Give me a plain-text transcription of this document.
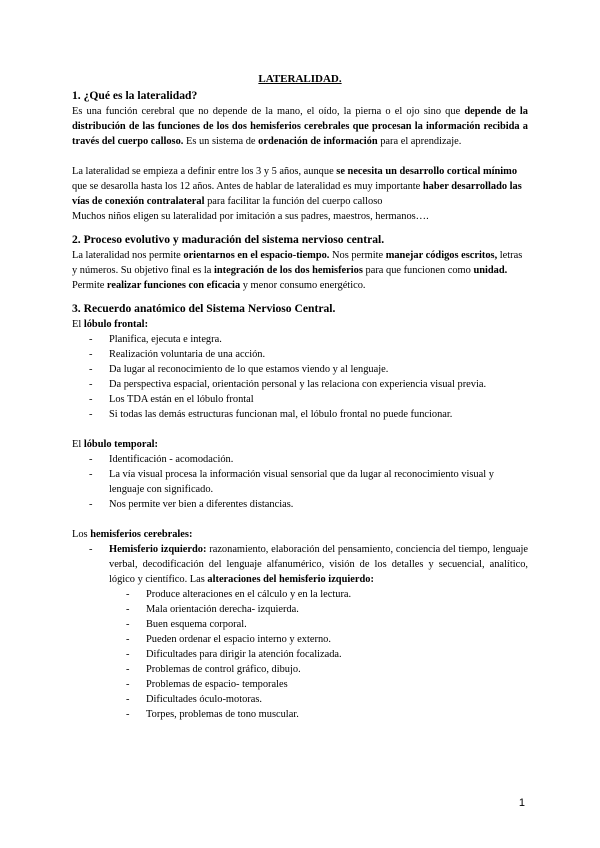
LATERALIDAD.
1. ¿Qué es la lateralidad?

Es una función cerebral que no depende de la mano, el oído, la pierna o el ojo sino que depende de la distribución de las funciones de los dos hemisferios cerebrales que procesan la información recibida a través del cuerpo calloso. Es un sistema de ordenación de información para el aprendizaje.

La lateralidad se empieza a definir entre los 3 y 5 años, aunque se necesita un desarrollo cortical mínimo que se desarolla hasta los 12 años. Antes de hablar de lateralidad es muy importante haber desarrollado las vías de conexión contralateral para facilitar la función del cuerpo calloso

Muchos niños eligen su lateralidad por imitación a sus padres, maestros, hermanos….

2. Proceso evolutivo y maduración del sistema nervioso central.

La lateralidad nos permite orientarnos en el espacio-tiempo. Nos permite manejar códigos escritos, letras y números. Su objetivo final es la integración de los dos hemisferios para que funcionen como unidad. Permite realizar funciones con eficacia y menor consumo energético.

3. Recuerdo anatómico del Sistema Nervioso Central.

El lóbulo frontal:

- Planifica, ejecuta e integra.
- Realización voluntaria de una acción.
- Da lugar al reconocimiento de lo que estamos viendo y al lenguaje.
- Da perspectiva espacial, orientación personal y las relaciona con experiencia visual previa.
- Los TDA están en el lóbulo frontal
- Si todas las demás estructuras funcionan mal, el lóbulo frontal no puede funcionar.

El lóbulo temporal:

- Identificación - acomodación.
- La vía visual procesa la información visual sensorial que da lugar al reconocimiento visual y lenguaje con significado.
- Nos permite ver bien a diferentes distancias.

Los hemisferios cerebrales:

- Hemisferio izquierdo: razonamiento, elaboración del pensamiento, conciencia del tiempo, lenguaje verbal, decodificación del lenguaje alfanumérico, visión de los detalles y secuencial, analítico, lógico y científico. Las alteraciones del hemisferio izquierdo:
- Produce alteraciones en el cálculo y en la lectura.
- Mala orientación derecha- izquierda.
- Buen esquema corporal.
- Pueden ordenar el espacio interno y externo.
- Dificultades para dirigir la atención focalizada.
- Problemas de control gráfico, dibujo.
- Problemas de espacio- temporales
- Dificultades óculo-motoras.
- Torpes, problemas de tono muscular.
1
